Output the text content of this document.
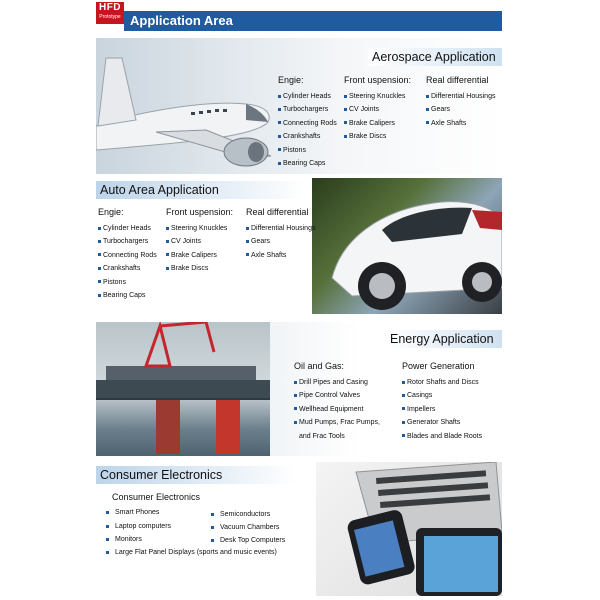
HFD
Prototype Application Area
Aerospace Application
Engie:
Cylinder Heads
Turbochargers
Connecting Rods
Crankshafts
Pistons
Bearing Caps
Front uspension:
Steering Knuckles
CV Joints
Brake Calipers
Brake Discs
Real differential
Differential Housings
Gears
Axle Shafts
Auto Area Application
Engie:
Cylinder Heads
Turbochargers
Connecting Rods
Crankshafts
Pistons
Bearing Caps
Front uspension:
Steering Knuckles
CV Joints
Brake Calipers
Brake Discs
Real differential
Differential Housings
Gears
Axle Shafts
Energy Application
Oil and Gas:
Drill Pipes and Casing
Pipe Control Valves
Wellhead Equipment
Mud Pumps, Frac Pumps,
and Frac Tools
Power Generation
Rotor Shafts and Discs
Casings
Impellers
Generator Shafts
Blades and Blade Roots
Consumer Electronics
Consumer Electronics
Smart Phones
Laptop computers
Monitors
Semiconductors
Vacuum Chambers
Desk Top Computers
Large Flat Panel Displays (sports and music events)
